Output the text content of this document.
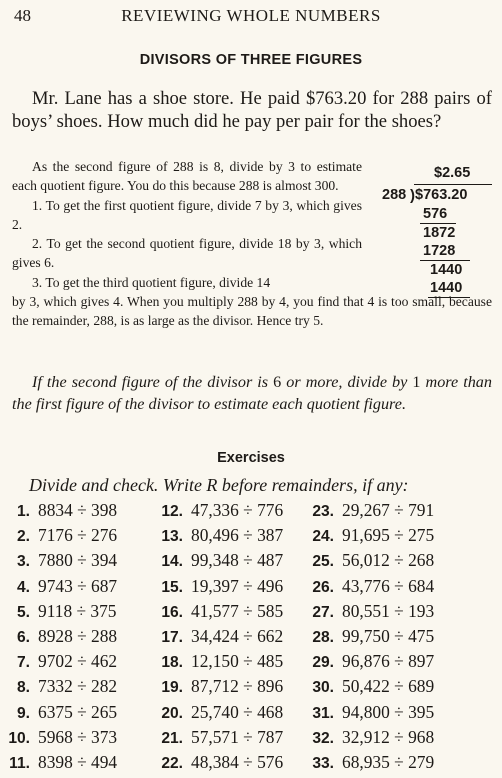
48	REVIEWING WHOLE NUMBERS
DIVISORS OF THREE FIGURES

Mr. Lane has a shoe store. He paid $763.20 for 288 pairs of boys’ shoes. How much did he pay per pair for the shoes?

As the second figure of 288 is 8, divide by 3 to estimate each quotient figure. You do this because 288 is almost 300.

1. To get the first quotient figure, divide 7 by 3, which gives 2.

2. To get the second quotient figure, divide 18 by 3, which gives 6.

3. To get the third quotient figure, divide 14

by 3, which gives 4. When you multiply 288 by 4, you find that 4 is too small, because the remainder, 288, is as large as the divisor. Hence try 5.

$2.65
288 ) $763.20
576
1872
1728
1440
1440

If the second figure of the divisor is 6 or more, divide by 1 more than the first figure of the divisor to estimate each quotient figure.

Exercises
Divide and check. Write R before remainders, if any:
1. 8834 ÷ 398	12. 47,336 ÷ 776	23. 29,267 ÷ 791
2. 7176 ÷ 276	13. 80,496 ÷ 387	24. 91,695 ÷ 275
3. 7880 ÷ 394	14. 99,348 ÷ 487	25. 56,012 ÷ 268
4. 9743 ÷ 687	15. 19,397 ÷ 496	26. 43,776 ÷ 684
5. 9118 ÷ 375	16. 41,577 ÷ 585	27. 80,551 ÷ 193
6. 8928 ÷ 288	17. 34,424 ÷ 662	28. 99,750 ÷ 475
7. 9702 ÷ 462	18. 12,150 ÷ 485	29. 96,876 ÷ 897
8. 7332 ÷ 282	19. 87,712 ÷ 896	30. 50,422 ÷ 689
9. 6375 ÷ 265	20. 25,740 ÷ 468	31. 94,800 ÷ 395
10. 5968 ÷ 373	21. 57,571 ÷ 787	32. 32,912 ÷ 968
11. 8398 ÷ 494	22. 48,384 ÷ 576	33. 68,935 ÷ 279
